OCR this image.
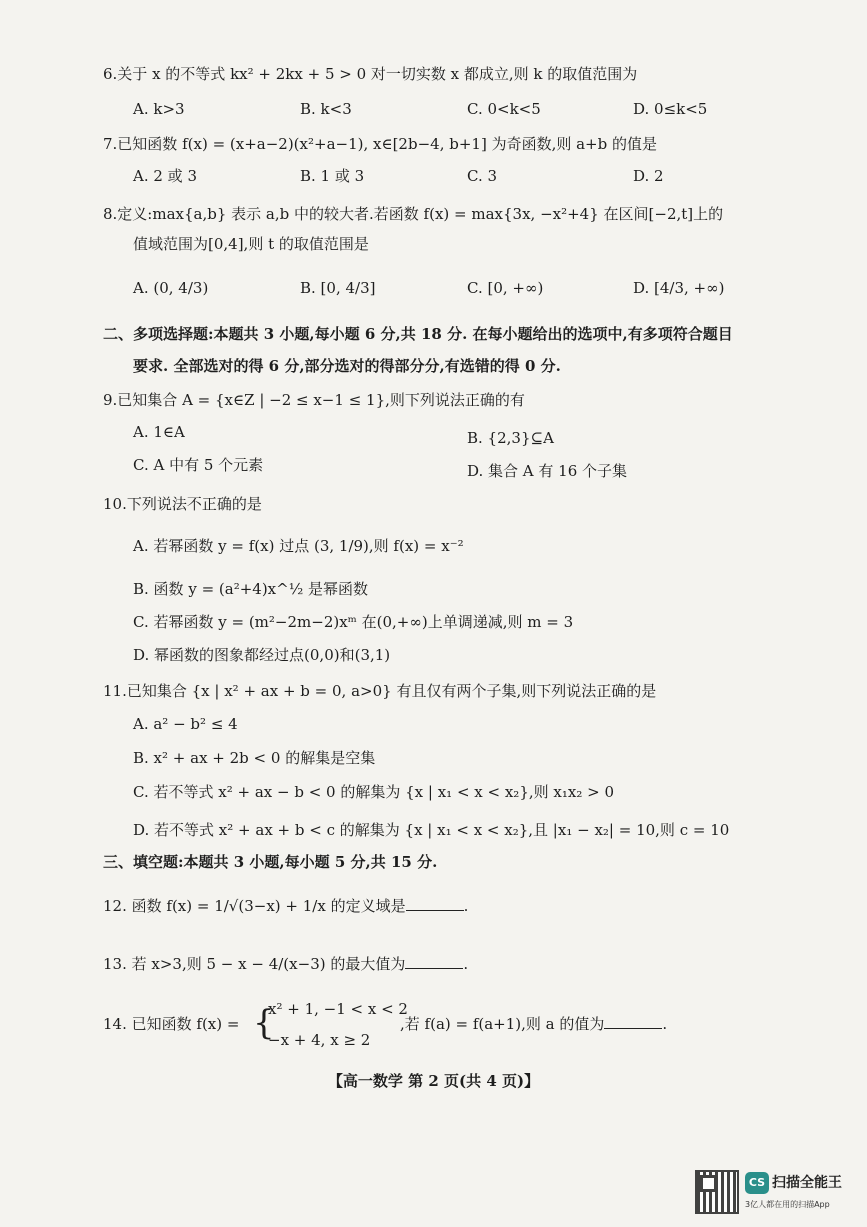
6.关于 x 的不等式 kx² + 2kx + 5 > 0 对一切实数 x 都成立,则 k 的取值范围为
A. k>3	B. k<3	C. 0<k<5	D. 0≤k<5
7.已知函数 f(x) = (x+a−2)(x²+a−1), x∈[2b−4, b+1] 为奇函数,则 a+b 的值是
A. 2 或 3	B. 1 或 3	C. 3	D. 2
8.定义:max{a,b} 表示 a,b 中的较大者.若函数 f(x) = max{3x, −x²+4} 在区间[−2,t]上的
值域范围为[0,4],则 t 的取值范围是
A. (0, 4/3)	B. [0, 4/3]	C. [0, +∞)	D. [4/3, +∞)
二、多项选择题:本题共 3 小题,每小题 6 分,共 18 分. 在每小题给出的选项中,有多项符合题目
要求. 全部选对的得 6 分,部分选对的得部分分,有选错的得 0 分.
9.已知集合 A = {x∈Z | −2 ≤ x−1 ≤ 1},则下列说法正确的有
A. 1∈A	B. {2,3}⊆A
C. A 中有 5 个元素	D. 集合 A 有 16 个子集
10.下列说法不正确的是
A. 若幂函数 y = f(x) 过点 (3, 1/9),则 f(x) = x⁻²
B. 函数 y = (a²+4)x^½ 是幂函数
C. 若幂函数 y = (m²−2m−2)xᵐ 在(0,+∞)上单调递减,则 m = 3
D. 幂函数的图象都经过点(0,0)和(3,1)
11.已知集合 {x | x² + ax + b = 0, a>0} 有且仅有两个子集,则下列说法正确的是
A. a² − b² ≤ 4
B. x² + ax + 2b < 0 的解集是空集
C. 若不等式 x² + ax − b < 0 的解集为 {x | x₁ < x < x₂},则 x₁x₂ > 0
D. 若不等式 x² + ax + b < c 的解集为 {x | x₁ < x < x₂},且 |x₁ − x₂| = 10,则 c = 10
三、填空题:本题共 3 小题,每小题 5 分,共 15 分.
12. 函数 f(x) = 1/√(3−x) + 1/x 的定义域是	.
13. 若 x>3,则 5 − x − 4/(x−3) 的最大值为	.
14. 已知函数 f(x) = {
x² + 1, −1 < x < 2
−x + 4, x ≥ 2
,若 f(a) = f(a+1),则 a 的值为	.
【高一数学 第 2 页(共 4 页)】
CS 扫描全能王
3亿人都在用的扫描App
